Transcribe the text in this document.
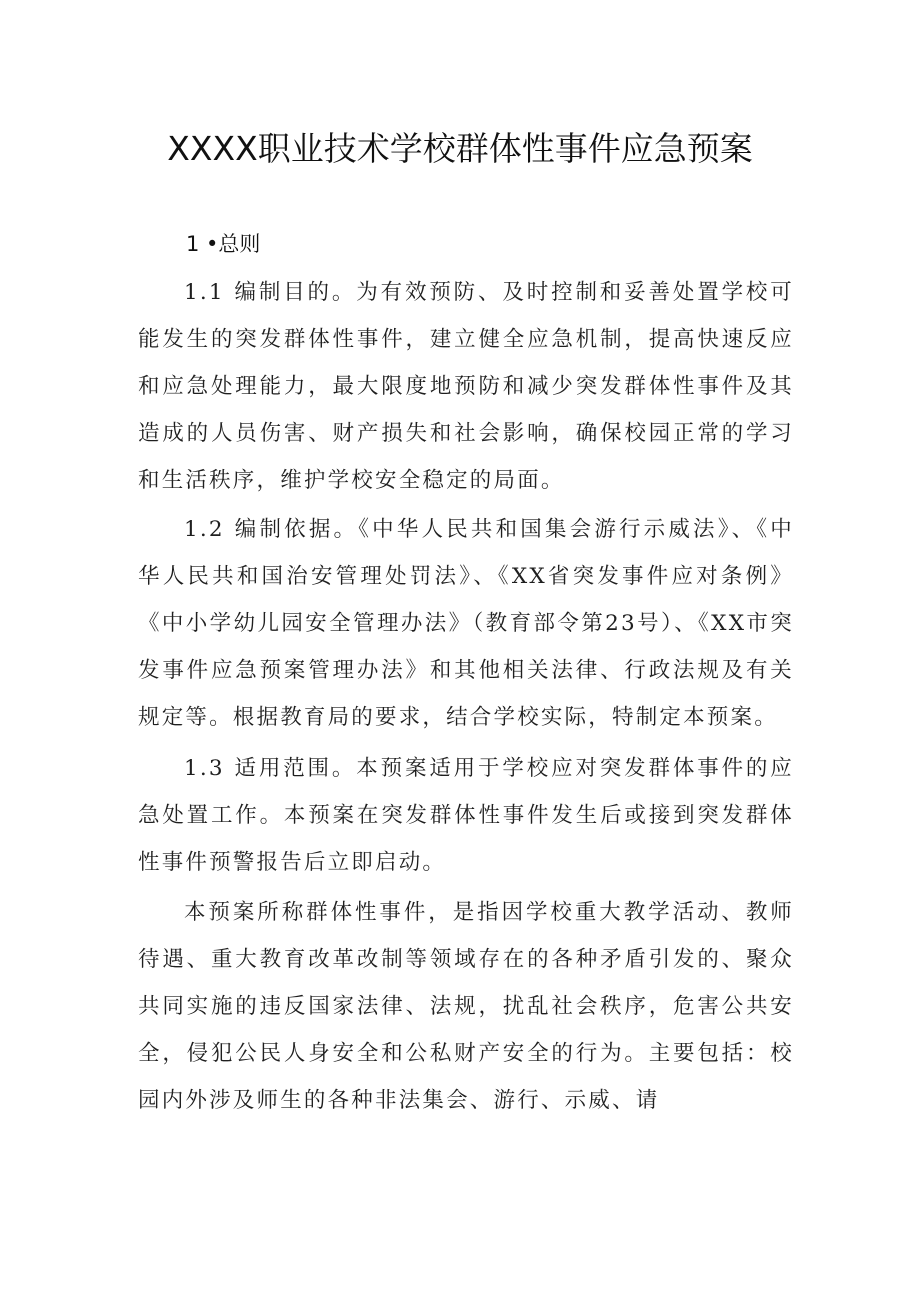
XXXX职业技术学校群体性事件应急预案
1 •总则

1.1 编制目的。为有效预防、及时控制和妥善处置学校可能发生的突发群体性事件，建立健全应急机制，提高快速反应和应急处理能力，最大限度地预防和减少突发群体性事件及其造成的人员伤害、财产损失和社会影响，确保校园正常的学习和生活秩序，维护学校安全稳定的局面。

1.2 编制依据。《中华人民共和国集会游行示威法》、《中华人民共和国治安管理处罚法》、《XX省突发事件应对条例》《中小学幼儿园安全管理办法》（教育部令第23号）、《XX市突发事件应急预案管理办法》和其他相关法律、行政法规及有关规定等。根据教育局的要求，结合学校实际，特制定本预案。

1.3 适用范围。本预案适用于学校应对突发群体事件的应急处置工作。本预案在突发群体性事件发生后或接到突发群体性事件预警报告后立即启动。

本预案所称群体性事件，是指因学校重大教学活动、教师待遇、重大教育改革改制等领域存在的各种矛盾引发的、聚众共同实施的违反国家法律、法规，扰乱社会秩序，危害公共安全，侵犯公民人身安全和公私财产安全的行为。主要包括：校园内外涉及师生的各种非法集会、游行、示威、请
